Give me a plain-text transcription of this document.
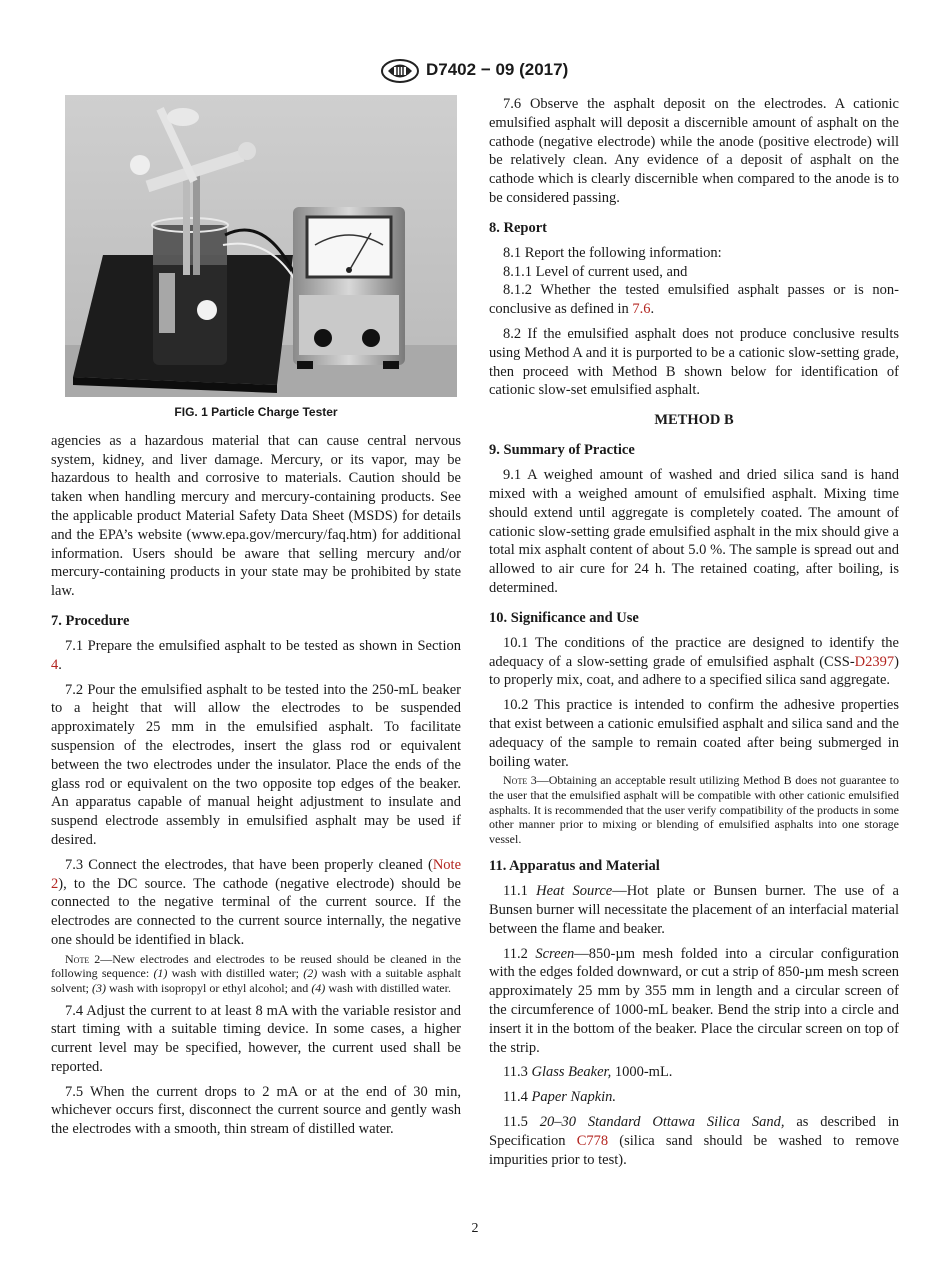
D7402 − 09 (2017)
FIG. 1 Particle Charge Tester

agencies as a hazardous material that can cause central nervous system, kidney, and liver damage. Mercury, or its vapor, may be hazardous to health and corrosive to materials. Caution should be taken when handling mercury and mercury-containing products. See the applicable product Material Safety Data Sheet (MSDS) for details and the EPA’s website (www.epa.gov/mercury/faq.htm) for additional information. Users should be aware that selling mercury and/or mercury-containing products in your state may be prohibited by state law.

7. Procedure

7.1 Prepare the emulsified asphalt to be tested as shown in Section 4.

7.2 Pour the emulsified asphalt to be tested into the 250-mL beaker to a height that will allow the electrodes to be suspended approximately 25 mm in the emulsified asphalt. To facilitate suspension of the electrodes, insert the glass rod or equivalent between the two electrodes under the insulator. Place the ends of the glass rod or equivalent on the two opposite top edges of the beaker. An apparatus capable of manual height adjustment to insulate and suspend electrode assembly in emulsified asphalt may be used if desired.

7.3 Connect the electrodes, that have been properly cleaned (Note 2), to the DC source. The cathode (negative electrode) should be connected to the negative terminal of the current source. If the electrodes are connected to the current source internally, the negative one should be identified in black.

Note 2—New electrodes and electrodes to be reused should be cleaned in the following sequence: (1) wash with distilled water; (2) wash with a suitable asphalt solvent; (3) wash with isopropyl or ethyl alcohol; and (4) wash with distilled water.

7.4 Adjust the current to at least 8 mA with the variable resistor and start timing with a suitable timing device. In some cases, a higher current level may be specified, however, the current used shall be reported.

7.5 When the current drops to 2 mA or at the end of 30 min, whichever occurs first, disconnect the current source and gently wash the electrodes with a smooth, thin stream of distilled water.

7.6 Observe the asphalt deposit on the electrodes. A cationic emulsified asphalt will deposit a discernible amount of asphalt on the cathode (negative electrode) while the anode (positive electrode) will be relatively clean. Any evidence of a deposit of asphalt on the cathode which is clearly discernible when compared to the anode is to be considered passing.

8. Report

8.1 Report the following information:

8.1.1 Level of current used, and

8.1.2 Whether the tested emulsified asphalt passes or is non-conclusive as defined in 7.6.

8.2 If the emulsified asphalt does not produce conclusive results using Method A and it is purported to be a cationic slow-setting grade, then proceed with Method B shown below for identification of cationic slow-set emulsified asphalt.

METHOD B
9. Summary of Practice

9.1 A weighed amount of washed and dried silica sand is hand mixed with a weighed amount of emulsified asphalt. Mixing time should extend until aggregate is completely coated. The amount of cationic slow-setting grade emulsified asphalt in the mix should give a total mix asphalt content of about 5.0 %. The sample is spread out and allowed to air cure for 24 h. The retained coating, after boiling, is determined.

10. Significance and Use

10.1 The conditions of the practice are designed to identify the adequacy of a slow-setting grade of emulsified asphalt (CSS-D2397) to properly mix, coat, and adhere to a specified silica sand aggregate.

10.2 This practice is intended to confirm the adhesive properties that exist between a cationic emulsified asphalt and silica sand and the adequacy of the sample to remain coated after being submerged in boiling water.

Note 3—Obtaining an acceptable result utilizing Method B does not guarantee to the user that the emulsified asphalt will be compatible with other cationic emulsified asphalts. It is recommended that the user verify compatibility of the products in some other manner prior to mixing or blending of emulsified asphalts into one storage vessel.

11. Apparatus and Material

11.1 Heat Source—Hot plate or Bunsen burner. The use of a Bunsen burner will necessitate the placement of an interfacial material between the flame and beaker.

11.2 Screen—850-µm mesh folded into a circular configuration with the edges folded downward, or cut a strip of 850-µm mesh screen approximately 25 mm by 355 mm in length and a circular screen of the circumference of 1000-mL beaker. Bend the strip into a circle and insert it in the bottom of the beaker. Place the circular screen on top of the strip.

11.3 Glass Beaker, 1000-mL.

11.4 Paper Napkin.

11.5 20–30 Standard Ottawa Silica Sand, as described in Specification C778 (silica sand should be washed to remove impurities prior to test).

2
